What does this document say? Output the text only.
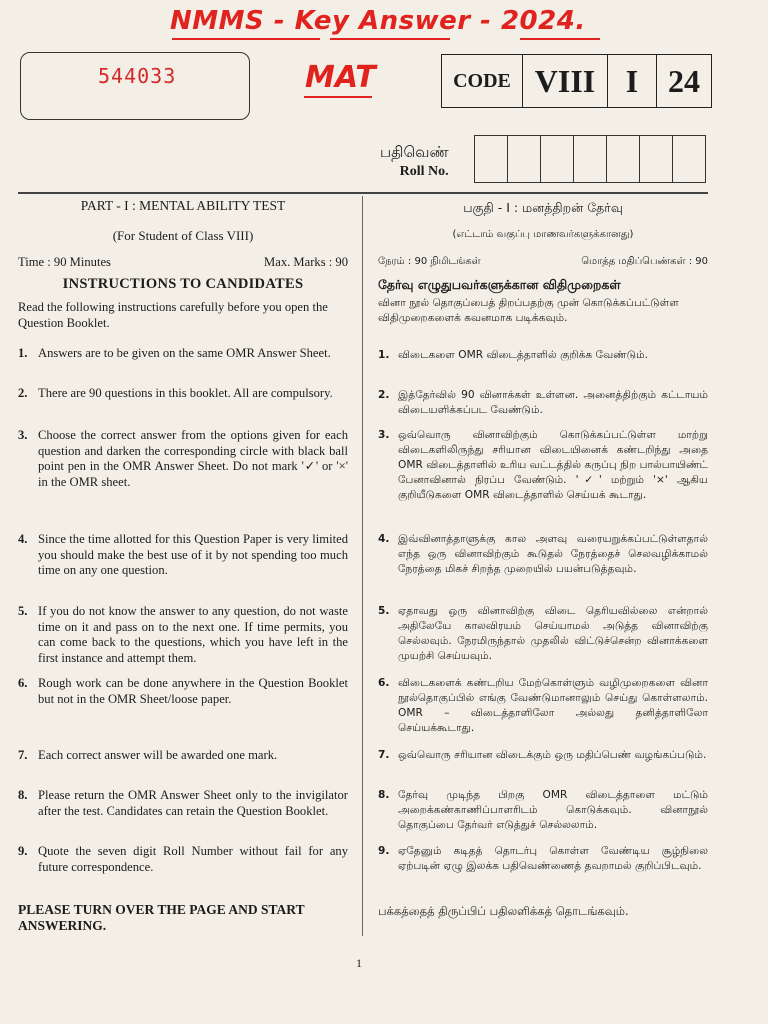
NMMS - Key Answer - 2024.
MAT
544033	CODE VIII I 24
பதிவெண்
Roll No.
PART - I : MENTAL ABILITY TEST
(For Student of Class VIII)
Time : 90 Minutes	Max. Marks : 90
INSTRUCTIONS TO CANDIDATES
Read the following instructions carefully before you open the Question Booklet.
1. Answers are to be given on the same OMR Answer Sheet.
2. There are 90 questions in this booklet. All are compulsory.
3. Choose the correct answer from the options given for each question and darken the corresponding circle with black ball point pen in the OMR Answer Sheet. Do not mark '✓' or '×' in the OMR sheet.
4. Since the time allotted for this Question Paper is very limited you should make the best use of it by not spending too much time on any one question.
5. If you do not know the answer to any question, do not waste time on it and pass on to the next one. If time permits, you can come back to the questions, which you have left in the first instance and attempt them.
6. Rough work can be done anywhere in the Question Booklet but not in the OMR Sheet/loose paper.
7. Each correct answer will be awarded one mark.
8. Please return the OMR Answer Sheet only to the invigilator after the test. Candidates can retain the Question Booklet.
9. Quote the seven digit Roll Number without fail for any future correspondence.
பகுதி - I : மனத்திறன் தேர்வு
(எட்டாம் வகுப்பு மாணவர்களுக்கானது)
நேரம் : 90 நிமிடங்கள்	மொத்த மதிப்பெண்கள் : 90
தேர்வு எழுதுபவர்களுக்கான விதிமுறைகள்
வினா நூல் தொகுப்பைத் திறப்பதற்கு முன் கொடுக்கப்பட்டுள்ள விதிமுறைகளைக் கவனமாக படிக்கவும்.
1. விடைகளை OMR விடைத்தாளில் குறிக்க வேண்டும்.
2. இத்தேர்வில் 90 வினாக்கள் உள்ளன. அனைத்திற்கும் கட்டாயம் விடையளிக்கப்பட வேண்டும்.
3. ஒவ்வொரு வினாவிற்கும் கொடுக்கப்பட்டுள்ள மாற்று விடைகளிலிருந்து சரியான விடையினைக் கண்டறிந்து அதை OMR விடைத்தாளில் உரிய வட்டத்தில் கருப்பு நிற பால்பாயிண்ட் பேனாவினால் நிரப்ப வேண்டும். '✓' மற்றும் '×' ஆகிய குறியீடுகளை OMR விடைத்தாளில் செய்யக் கூடாது.
4. இவ்வினாத்தாளுக்கு கால அளவு வரையறுக்கப்பட்டுள்ளதால் எந்த ஒரு வினாவிற்கும் கூடுதல் நேரத்தைச் செலவழிக்காமல் நேரத்தை மிகச் சிறந்த முறையில் பயன்படுத்தவும்.
5. ஏதாவது ஒரு வினாவிற்கு விடை தெரியவில்லை என்றால் அதிலேயே காலவிரயம் செய்யாமல் அடுத்த வினாவிற்கு செல்லவும். நேரமிருந்தால் முதலில் விட்டுச்சென்ற வினாக்களை முயற்சி செய்யவும்.
6. விடைகளைக் கண்டறிய மேற்கொள்ளும் வழிமுறைகளை வினா நூல்தொகுப்பில் எங்கு வேண்டுமானாலும் செய்து கொள்ளலாம். OMR – விடைத்தாளிலோ அல்லது தனித்தாளிலோ செய்யக்கூடாது.
7. ஒவ்வொரு சரியான விடைக்கும் ஒரு மதிப்பெண் வழங்கப்படும்.
8. தேர்வு முடிந்த பிறகு OMR விடைத்தாளை மட்டும் அறைக்கண்காணிப்பாளரிடம் கொடுக்கவும். வினாநூல் தொகுப்பை தேர்வர் எடுத்துச் செல்லலாம்.
9. ஏதேனும் கடிதத் தொடர்பு கொள்ள வேண்டிய சூழ்நிலை ஏற்படின் ஏழு இலக்க பதிவெண்ணைத் தவறாமல் குறிப்பிடவும்.
PLEASE TURN OVER THE PAGE AND START ANSWERING.
பக்கத்தைத் திருப்பிப் பதிலளிக்கத் தொடங்கவும்.
1
